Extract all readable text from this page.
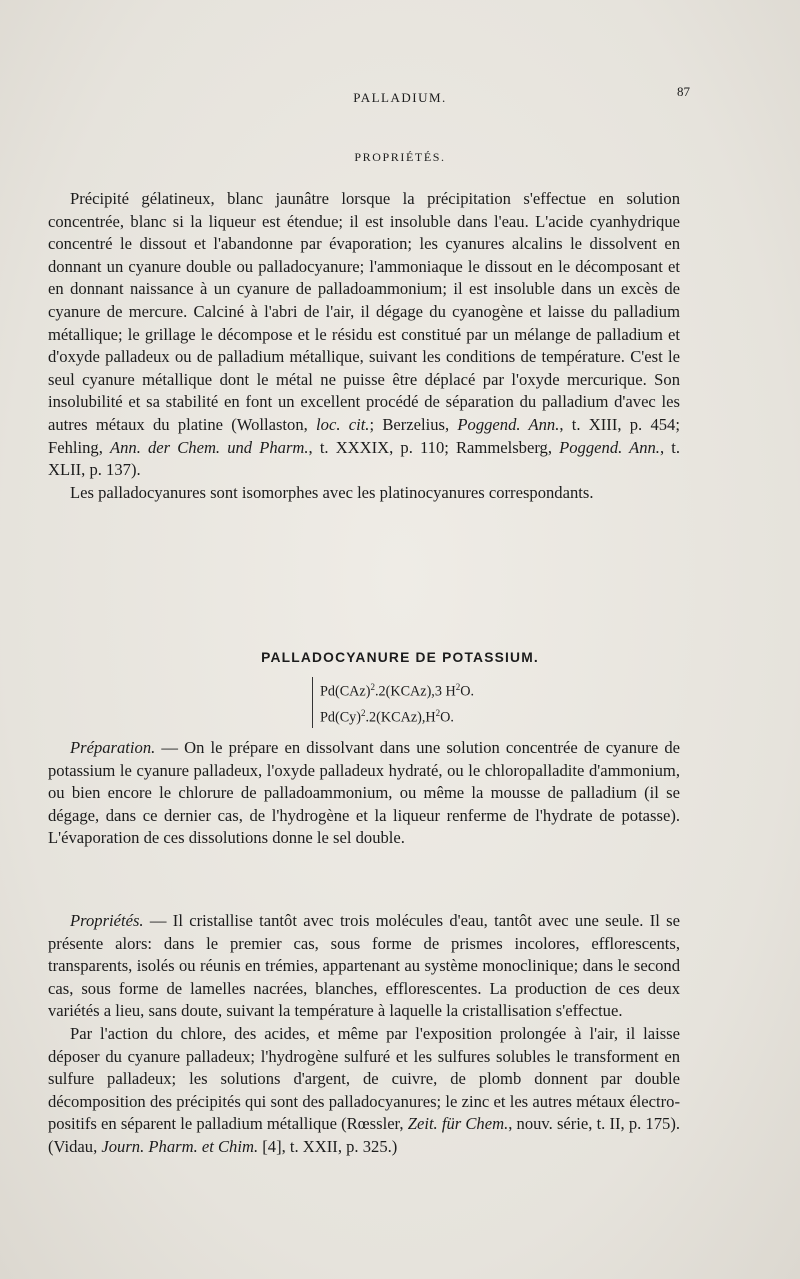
PALLADIUM.	87
PROPRIÉTÉS.

Précipité gélatineux, blanc jaunâtre lorsque la précipitation s'effectue en solution concentrée, blanc si la liqueur est étendue; il est insoluble dans l'eau. L'acide cyanhydrique concentré le dissout et l'abandonne par évaporation; les cyanures alcalins le dissolvent en donnant un cyanure double ou palladocyanure; l'ammoniaque le dissout en le décomposant et en donnant naissance à un cyanure de palladoammonium; il est insoluble dans un excès de cyanure de mercure. Calciné à l'abri de l'air, il dégage du cyanogène et laisse du palladium métallique; le grillage le décompose et le résidu est constitué par un mélange de palladium et d'oxyde palladeux ou de palladium métallique, suivant les conditions de température. C'est le seul cyanure métallique dont le métal ne puisse être déplacé par l'oxyde mercurique. Son insolubilité et sa stabilité en font un excellent procédé de séparation du palladium d'avec les autres métaux du platine (Wollaston, loc. cit.; Berzelius, Poggend. Ann., t. XIII, p. 454; Fehling, Ann. der Chem. und Pharm., t. XXXIX, p. 110; Rammelsberg, Poggend. Ann., t. XLII, p. 137).

Les palladocyanures sont isomorphes avec les platinocyanures correspondants.

PALLADOCYANURE DE POTASSIUM.
Pd(CAz)$^2$.2(KCAz),3 $H^2O$.
$Pd(Cy)^2.2(KCAz),H^2O$.

Préparation. — On le prépare en dissolvant dans une solution concentrée de cyanure de potassium le cyanure palladeux, l'oxyde palladeux hydraté, ou le chloropalladite d'ammonium, ou bien encore le chlorure de palladoammonium, ou même la mousse de palladium (il se dégage, dans ce dernier cas, de l'hydrogène et la liqueur renferme de l'hydrate de potasse). L'évaporation de ces dissolutions donne le sel double.

Propriétés. — Il cristallise tantôt avec trois molécules d'eau, tantôt avec une seule. Il se présente alors: dans le premier cas, sous forme de prismes incolores, efflorescents, transparents, isolés ou réunis en trémies, appartenant au système monoclinique; dans le second cas, sous forme de lamelles nacrées, blanches, efflorescentes. La production de ces deux variétés a lieu, sans doute, suivant la température à laquelle la cristallisation s'effectue.

Par l'action du chlore, des acides, et même par l'exposition prolongée à l'air, il laisse déposer du cyanure palladeux; l'hydrogène sulfuré et les sulfures solubles le transforment en sulfure palladeux; les solutions d'argent, de cuivre, de plomb donnent par double décomposition des précipités qui sont des palladocyanures; le zinc et les autres métaux électro-positifs en séparent le palladium métallique (Rœssler, Zeit. für Chem., nouv. série, t. II, p. 175). (Vidau, Journ. Pharm. et Chim. [4], t. XXII, p. 325.)
